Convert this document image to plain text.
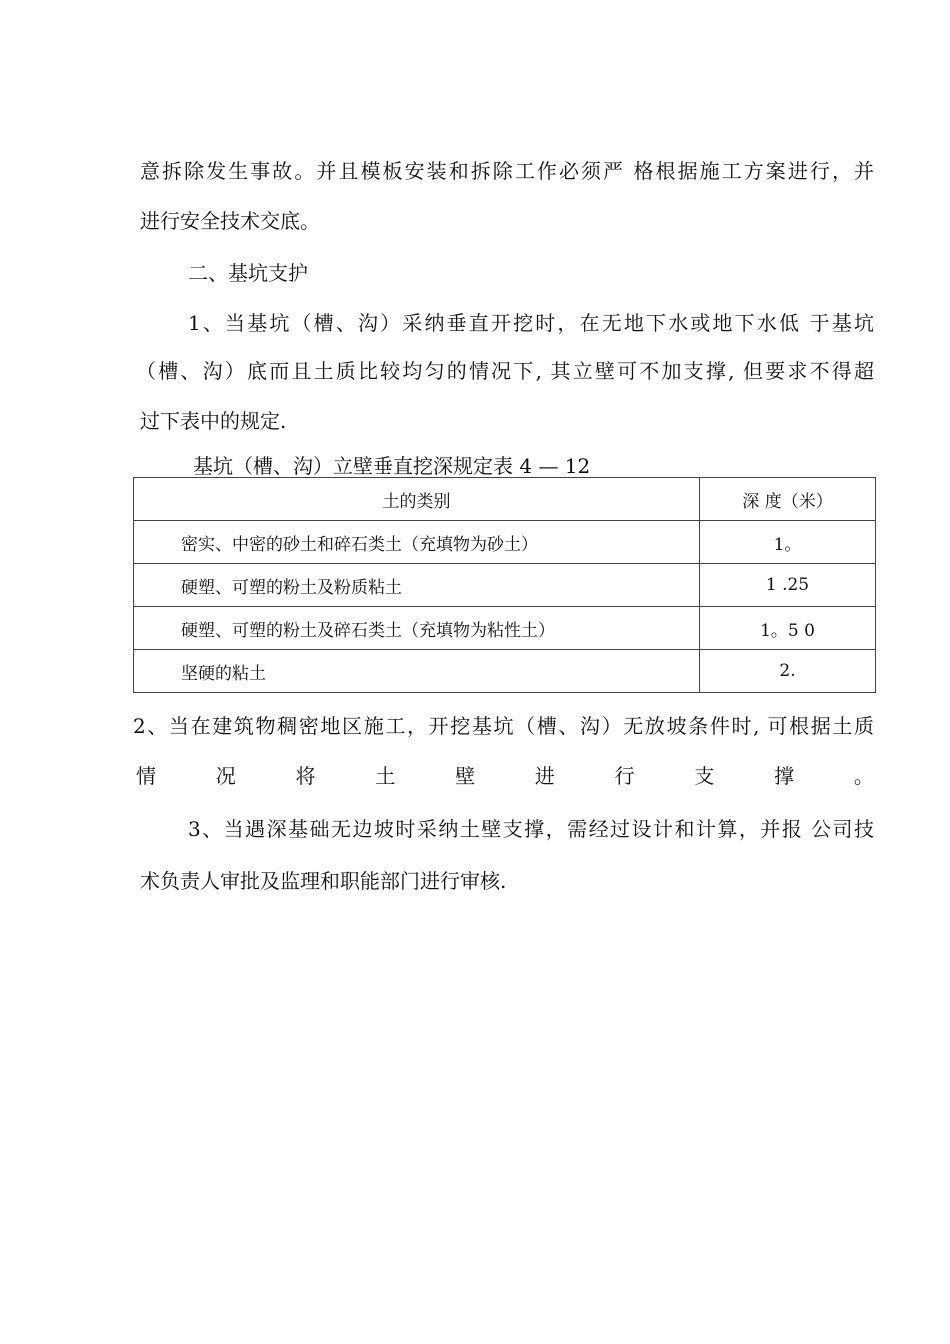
意拆除发生事故。并且模板安装和拆除工作必须严 格根据施工方案进行，并
进行安全技术交底。
二、基坑支护
1、当基坑（槽、沟）采纳垂直开挖时，在无地下水或地下水低 于基坑
（槽、沟）底而且土质比较均匀的情况下, 其立壁可不加支撑, 但要求不得超
过下表中的规定.
基坑（槽、沟）立壁垂直挖深规定表 4 — 12
土的类别	深 度（米）
密实、中密的砂土和碎石类土（充填物为砂土）	1。
硬塑、可塑的粉土及粉质粘土	1 .25
硬塑、可塑的粉土及碎石类土（充填物为粘性土）	1。5 0
坚硬的粘土	2.
2、当在建筑物稠密地区施工，开挖基坑（槽、沟）无放坡条件时, 可根据土质
情	况	将	土	壁	进	行	支	撑	。
3、当遇深基础无边坡时采纳土壁支撑，需经过设计和计算，并报 公司技
术负责人审批及监理和职能部门进行审核.
